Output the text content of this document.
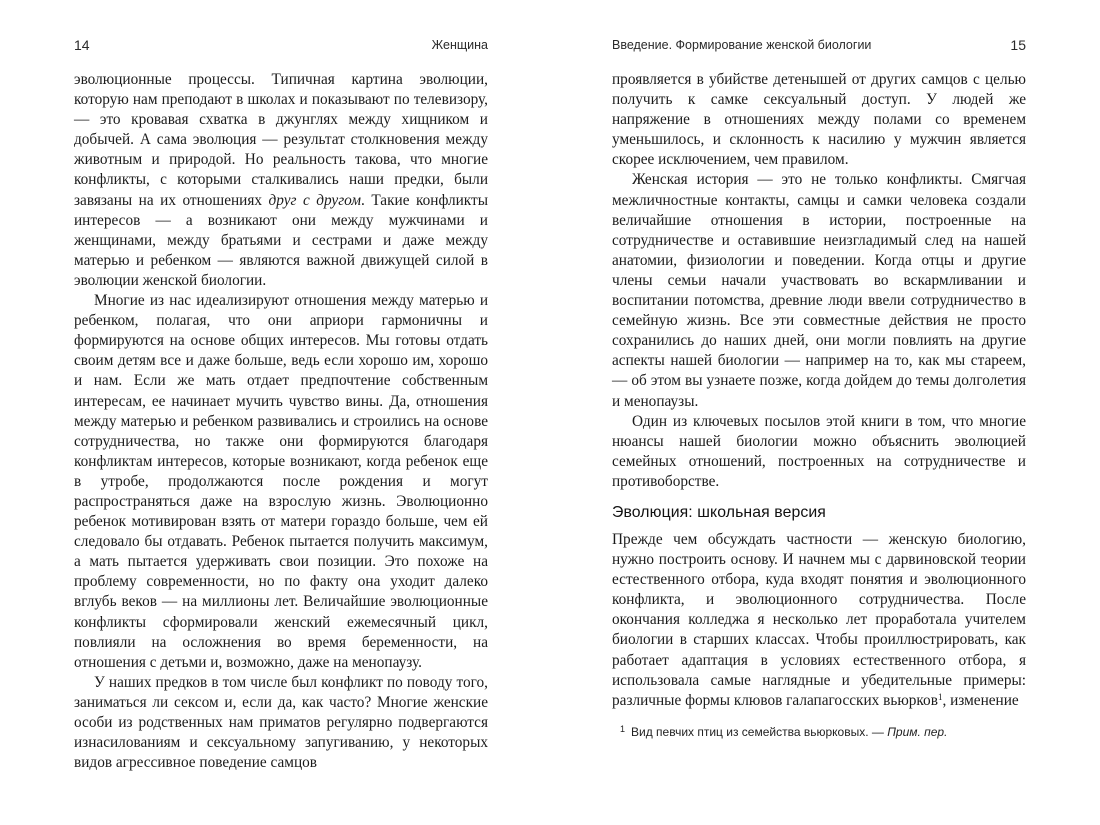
14	Женщина

эволюционные процессы. Типичная картина эволюции, которую нам преподают в школах и показывают по телевизору, — это кровавая схватка в джунглях между хищником и добычей. А сама эволюция — результат столкновения между животным и природой. Но реальность такова, что многие конфликты, с которыми сталкивались наши предки, были завязаны на их отношениях друг с другом. Такие конфликты интересов — а возникают они между мужчинами и женщинами, между братьями и сестрами и даже между матерью и ребенком — являются важной движущей силой в эволюции женской биологии.

Многие из нас идеализируют отношения между матерью и ребенком, полагая, что они априори гармоничны и формируются на основе общих интересов. Мы готовы отдать своим детям все и даже больше, ведь если хорошо им, хорошо и нам. Если же мать отдает предпочтение собственным интересам, ее начинает мучить чувство вины. Да, отношения между матерью и ребенком развивались и строились на основе сотрудничества, но также они формируются благодаря конфликтам интересов, которые возникают, когда ребенок еще в утробе, продолжаются после рождения и могут распространяться даже на взрослую жизнь. Эволюционно ребенок мотивирован взять от матери гораздо больше, чем ей следовало бы отдавать. Ребенок пытается получить максимум, а мать пытается удерживать свои позиции. Это похоже на проблему современности, но по факту она уходит далеко вглубь веков — на миллионы лет. Величайшие эволюционные конфликты сформировали женский ежемесячный цикл, повлияли на осложнения во время беременности, на отношения с детьми и, возможно, даже на менопаузу.

У наших предков в том числе был конфликт по поводу того, заниматься ли сексом и, если да, как часто? Многие женские особи из родственных нам приматов регулярно подвергаются изнасилованиям и сексуальному запугиванию, у некоторых видов агрессивное поведение самцов

Введение. Формирование женской биологии	15

проявляется в убийстве детенышей от других самцов с целью получить к самке сексуальный доступ. У людей же напряжение в отношениях между полами со временем уменьшилось, и склонность к насилию у мужчин является скорее исключением, чем правилом.

Женская история — это не только конфликты. Смягчая межличностные контакты, самцы и самки человека создали величайшие отношения в истории, построенные на сотрудничестве и оставившие неизгладимый след на нашей анатомии, физиологии и поведении. Когда отцы и другие члены семьи начали участвовать во вскармливании и воспитании потомства, древние люди ввели сотрудничество в семейную жизнь. Все эти совместные действия не просто сохранились до наших дней, они могли повлиять на другие аспекты нашей биологии — например на то, как мы стареем, — об этом вы узнаете позже, когда дойдем до темы долголетия и менопаузы.

Один из ключевых посылов этой книги в том, что многие нюансы нашей биологии можно объяснить эволюцией семейных отношений, построенных на сотрудничестве и противоборстве.

Эволюция: школьная версия

Прежде чем обсуждать частности — женскую биологию, нужно построить основу. И начнем мы с дарвиновской теории естественного отбора, куда входят понятия и эволюционного конфликта, и эволюционного сотрудничества. После окончания колледжа я несколько лет проработала учителем биологии в старших классах. Чтобы проиллюстрировать, как работает адаптация в условиях естественного отбора, я использовала самые наглядные и убедительные примеры: различные формы клювов галапагосских вьюрков$^1$, изменение

$^1$ Вид певчих птиц из семейства вьюрковых. — Прим. пер.
